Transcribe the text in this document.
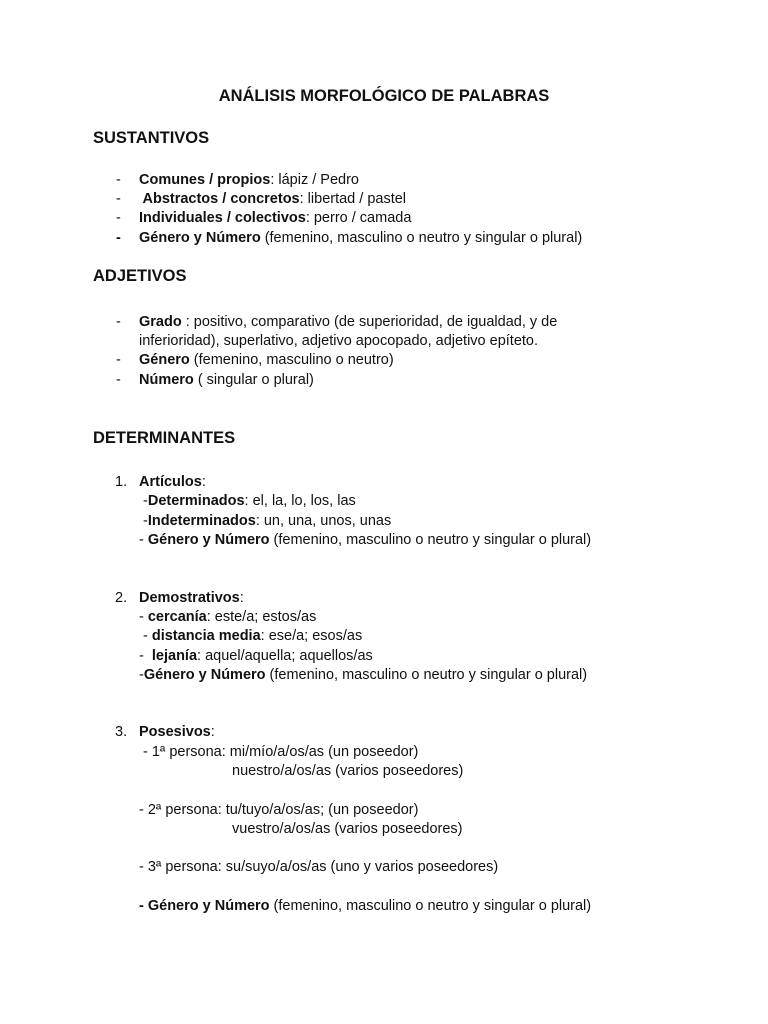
ANÁLISIS MORFOLÓGICO DE PALABRAS
SUSTANTIVOS
- Comunes / propios: lápiz / Pedro
- Abstractos / concretos: libertad / pastel
- Individuales / colectivos: perro / camada
- Género y Número (femenino, masculino o neutro y singular o plural)
ADJETIVOS
- Grado : positivo, comparativo (de superioridad, de igualdad, y de
inferioridad), superlativo, adjetivo apocopado, adjetivo epíteto.
- Género (femenino, masculino o neutro)
- Número ( singular o plural)
DETERMINANTES
1. Artículos:
-Determinados: el, la, lo, los, las
-Indeterminados: un, una, unos, unas
- Género y Número (femenino, masculino o neutro y singular o plural)
2. Demostrativos:
- cercanía: este/a; estos/as
- distancia media: ese/a; esos/as
-  lejanía: aquel/aquella; aquellos/as
-Género y Número (femenino, masculino o neutro y singular o plural)
3. Posesivos:
- 1ª persona: mi/mío/a/os/as (un poseedor)
nuestro/a/os/as (varios poseedores)
- 2ª persona: tu/tuyo/a/os/as; (un poseedor)
vuestro/a/os/as (varios poseedores)
- 3ª persona: su/suyo/a/os/as (uno y varios poseedores)
- Género y Número (femenino, masculino o neutro y singular o plural)
